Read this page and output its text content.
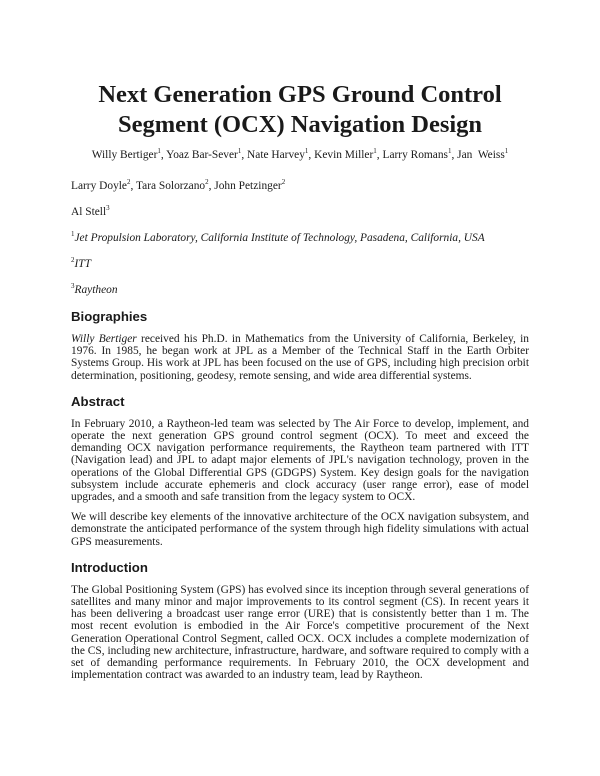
Next Generation GPS Ground Control
Segment (OCX) Navigation Design
Willy Bertiger$^1$, Yoaz Bar-Sever$^1$, Nate Harvey$^1$, Kevin Miller$^1$, Larry Romans$^1$, Jan  Weiss$^1$
Larry Doyle$^2$, Tara Solorzano$^2$, John Petzinger$^2$
Al Stell$^3$
$^1$Jet Propulsion Laboratory, California Institute of Technology, Pasadena, California, USA
$^2$ITT
$^3$Raytheon
Biographies

Willy Bertiger received his Ph.D. in Mathematics from the University of California, Berkeley, in 1976. In 1985, he began work at JPL as a Member of the Technical Staff in the Earth Orbiter Systems Group. His work at JPL has been focused on the use of GPS, including high precision orbit determination, positioning, geodesy, remote sensing, and wide area differential systems.

Abstract

In February 2010, a Raytheon-led team was selected by The Air Force to develop, implement, and operate the next generation GPS ground control segment (OCX). To meet and exceed the demanding OCX navigation performance requirements, the Raytheon team partnered with ITT (Navigation lead) and JPL to adapt major elements of JPL's navigation technology, proven in the operations of the Global Differential GPS (GDGPS) System. Key design goals for the navigation subsystem include accurate ephemeris and clock accuracy (user range error), ease of model upgrades, and a smooth and safe transition from the legacy system to OCX.

We will describe key elements of the innovative architecture of the OCX navigation subsystem, and demonstrate the anticipated performance of the system through high fidelity simulations with actual GPS measurements.

Introduction

The Global Positioning System (GPS) has evolved since its inception through several generations of satellites and many minor and major improvements to its control segment (CS). In recent years it has been delivering a broadcast user range error (URE) that is consistently better than 1 m. The most recent evolution is embodied in the Air Force's competitive procurement of the Next Generation Operational Control Segment, called OCX. OCX includes a complete modernization of the CS, including new architecture, infrastructure, hardware, and software required to comply with a set of demanding performance requirements. In February 2010, the OCX development and implementation contract was awarded to an industry team, lead by Raytheon.
